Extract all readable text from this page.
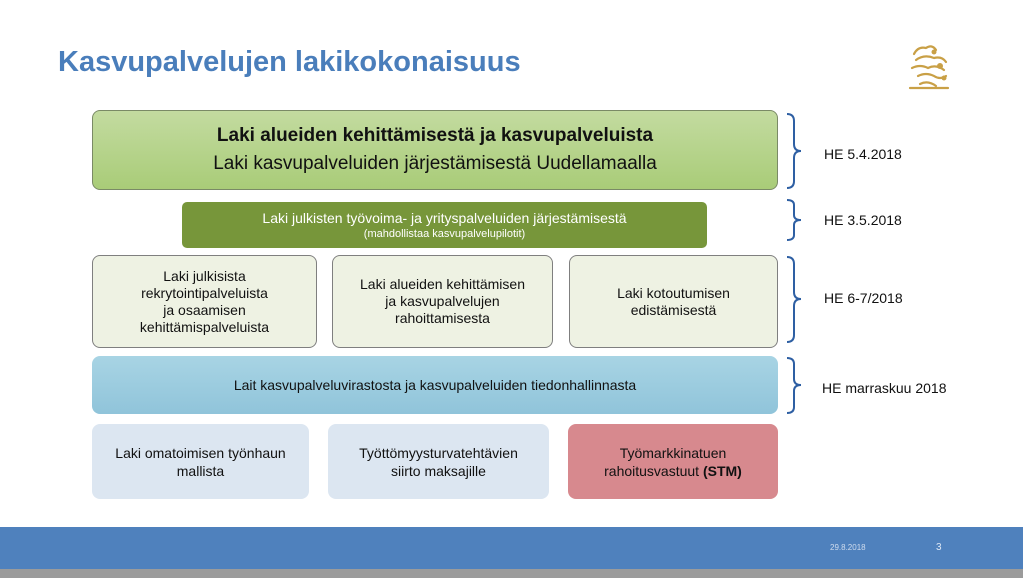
Kasvupalvelujen lakikokonaisuus
Laki alueiden kehittämisestä ja kasvupalveluista
Laki kasvupalveluiden järjestämisestä Uudellamaalla
Laki julkisten työvoima- ja yrityspalveluiden järjestämisestä
(mahdollistaa kasvupalvelupilotit)
Laki julkisista
rekrytointipalveluista
ja osaamisen
kehittämispalveluista
Laki alueiden kehittämisen
ja kasvupalvelujen
rahoittamisesta
Laki kotoutumisen
edistämisestä
Lait kasvupalveluvirastosta ja kasvupalveluiden tiedonhallinnasta
Laki omatoimisen työnhaun
mallista
Työttömyysturvatehtävien
siirto maksajille
Työmarkkinatuen
rahoitusvastuut (STM)
HE 5.4.2018
HE 3.5.2018
HE 6-7/2018
HE marraskuu 2018
29.8.2018	3
